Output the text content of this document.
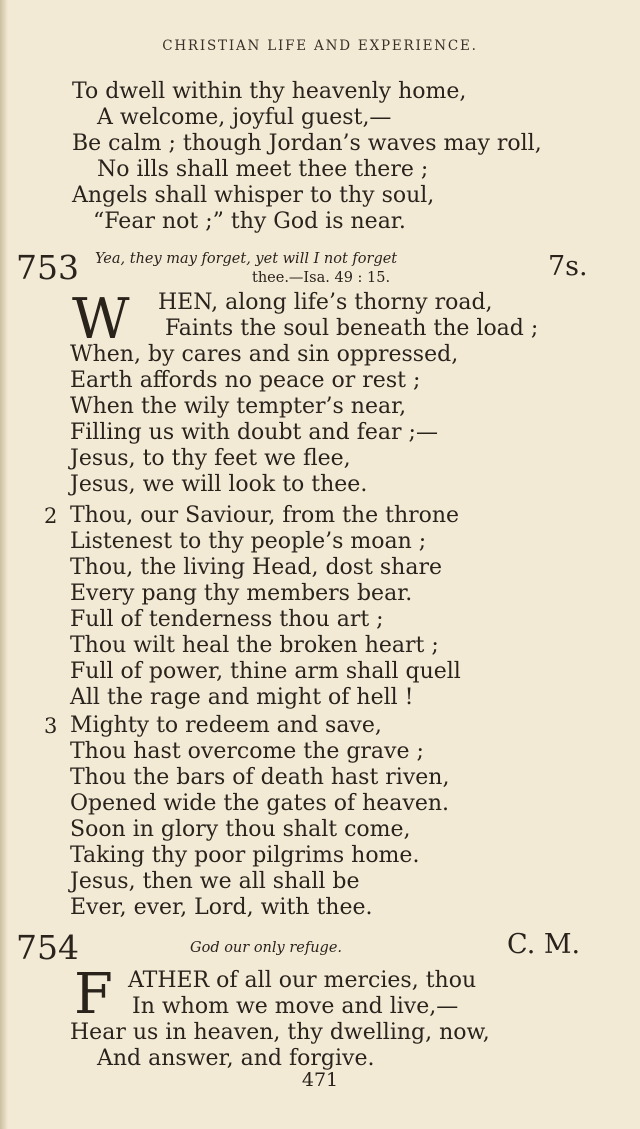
CHRISTIAN LIFE AND EXPERIENCE.
To dwell within thy heavenly home,
A welcome, joyful guest,—
Be calm ; though Jordan’s waves may roll,
No ills shall meet thee there ;
Angels shall whisper to thy soul,
“Fear not ;” thy God is near.
753 Yea, they may forget, yet will I not forget
thee.—Isa. 49 : 15.	7s.
W HEN, along life’s thorny road,
Faints the soul beneath the load ;
When, by cares and sin oppressed,
Earth affords no peace or rest ;
When the wily tempter’s near,
Filling us with doubt and fear ;—
Jesus, to thy feet we flee,
Jesus, we will look to thee.
2 Thou, our Saviour, from the throne
Listenest to thy people’s moan ;
Thou, the living Head, dost share
Every pang thy members bear.
Full of tenderness thou art ;
Thou wilt heal the broken heart ;
Full of power, thine arm shall quell
All the rage and might of hell !
3 Mighty to redeem and save,
Thou hast overcome the grave ;
Thou the bars of death hast riven,
Opened wide the gates of heaven.
Soon in glory thou shalt come,
Taking thy poor pilgrims home.
Jesus, then we all shall be
Ever, ever, Lord, with thee.
754	God our only refuge.	C. M.
F ATHER of all our mercies, thou
In whom we move and live,—
Hear us in heaven, thy dwelling, now,
And answer, and forgive.
471
